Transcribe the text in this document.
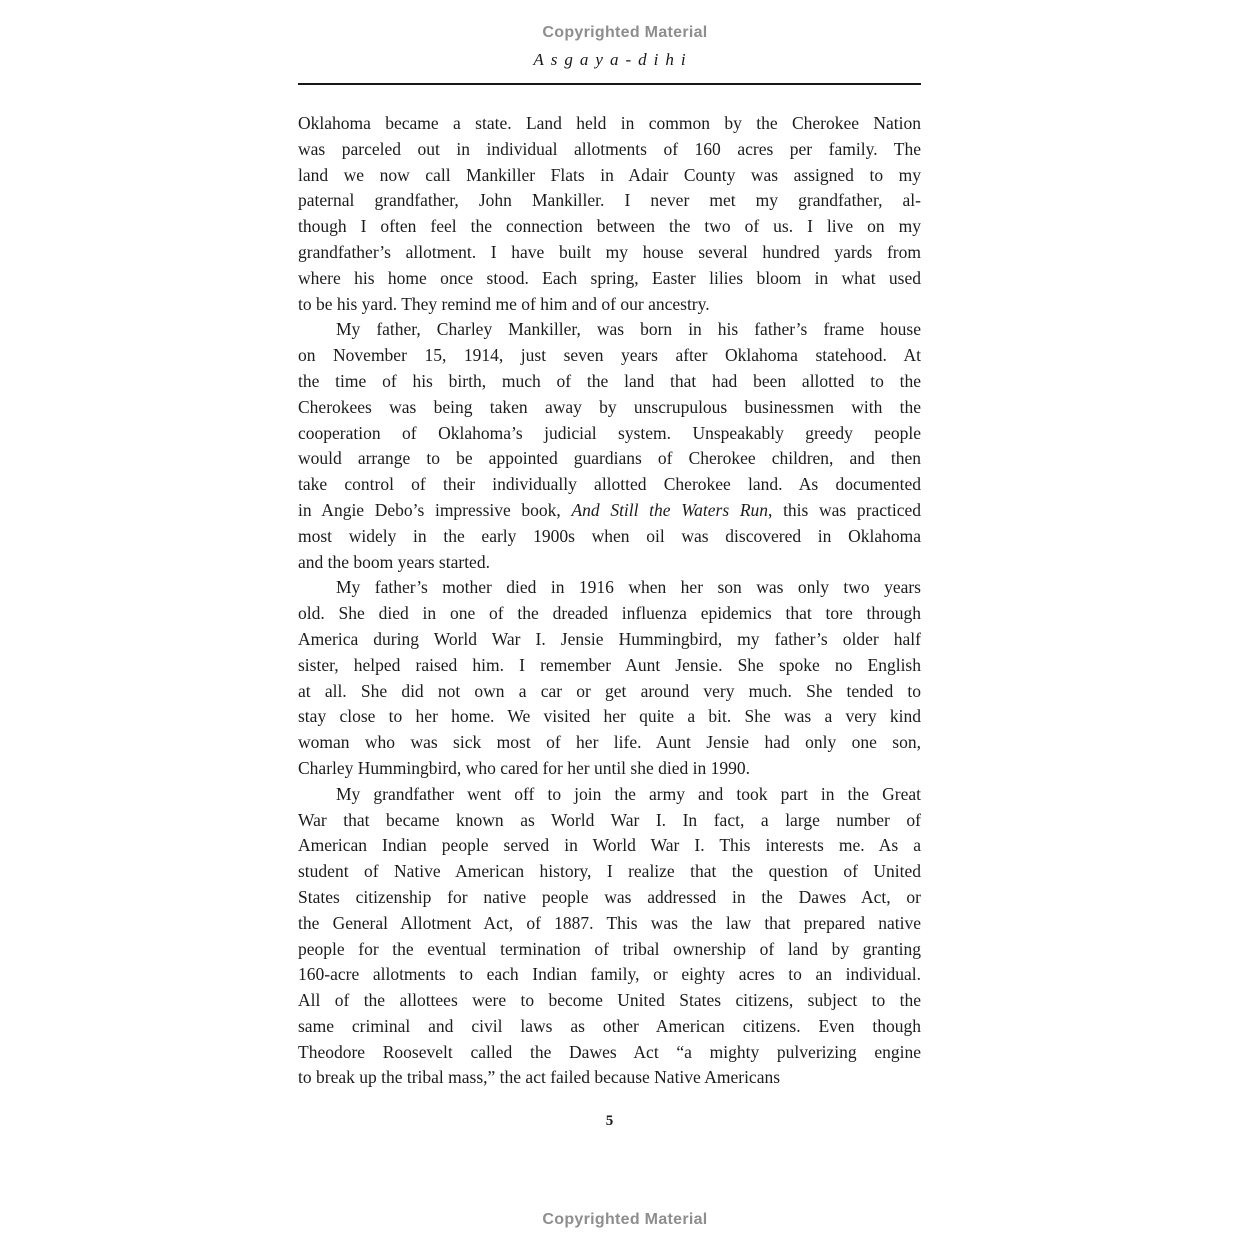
Copyrighted Material
Asgaya-dihi
Oklahoma became a state. Land held in common by the Cherokee Nation
was parceled out in individual allotments of 160 acres per family. The
land we now call Mankiller Flats in Adair County was assigned to my
paternal grandfather, John Mankiller. I never met my grandfather, al-
though I often feel the connection between the two of us. I live on my
grandfather’s allotment. I have built my house several hundred yards from
where his home once stood. Each spring, Easter lilies bloom in what used
to be his yard. They remind me of him and of our ancestry.
My father, Charley Mankiller, was born in his father’s frame house
on November 15, 1914, just seven years after Oklahoma statehood. At
the time of his birth, much of the land that had been allotted to the
Cherokees was being taken away by unscrupulous businessmen with the
cooperation of Oklahoma’s judicial system. Unspeakably greedy people
would arrange to be appointed guardians of Cherokee children, and then
take control of their individually allotted Cherokee land. As documented
in Angie Debo’s impressive book, And Still the Waters Run, this was practiced
most widely in the early 1900s when oil was discovered in Oklahoma
and the boom years started.
My father’s mother died in 1916 when her son was only two years
old. She died in one of the dreaded influenza epidemics that tore through
America during World War I. Jensie Hummingbird, my father’s older half
sister, helped raised him. I remember Aunt Jensie. She spoke no English
at all. She did not own a car or get around very much. She tended to
stay close to her home. We visited her quite a bit. She was a very kind
woman who was sick most of her life. Aunt Jensie had only one son,
Charley Hummingbird, who cared for her until she died in 1990.
My grandfather went off to join the army and took part in the Great
War that became known as World War I. In fact, a large number of
American Indian people served in World War I. This interests me. As a
student of Native American history, I realize that the question of United
States citizenship for native people was addressed in the Dawes Act, or
the General Allotment Act, of 1887. This was the law that prepared native
people for the eventual termination of tribal ownership of land by granting
160-acre allotments to each Indian family, or eighty acres to an individual.
All of the allottees were to become United States citizens, subject to the
same criminal and civil laws as other American citizens. Even though
Theodore Roosevelt called the Dawes Act “a mighty pulverizing engine
to break up the tribal mass,” the act failed because Native Americans
5
Copyrighted Material
